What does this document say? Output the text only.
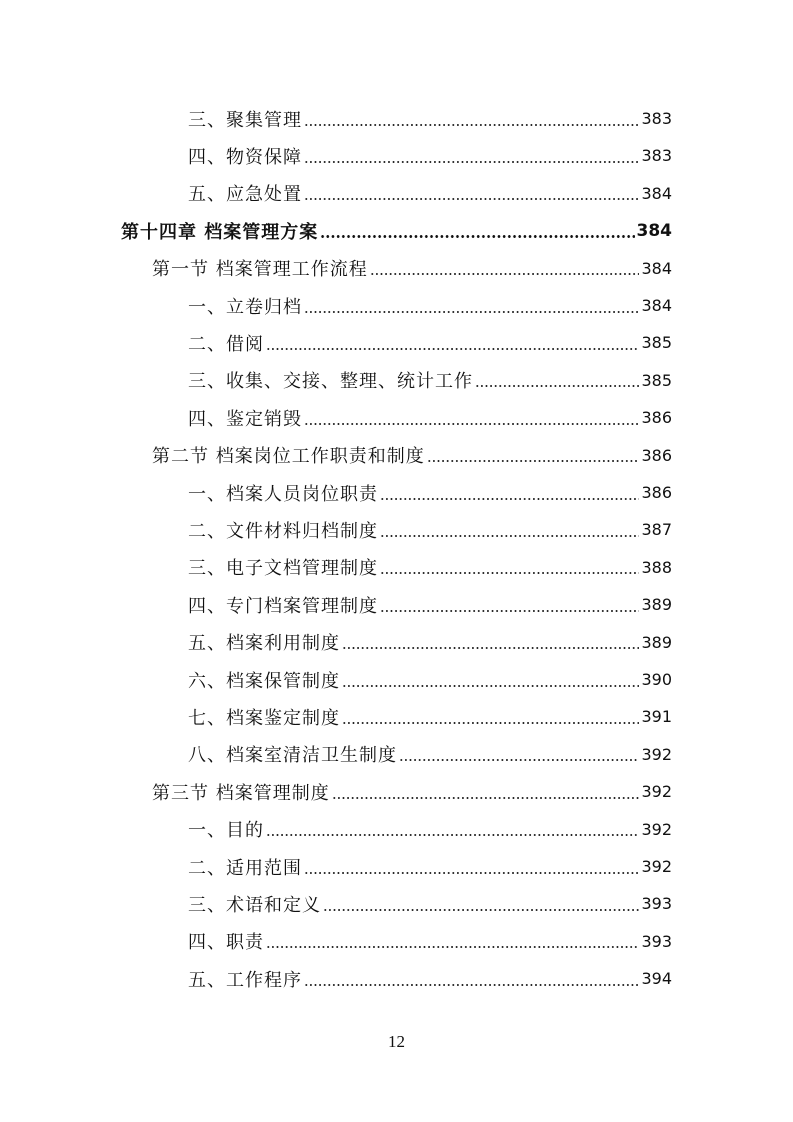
三、聚集管理	383
四、物资保障	383
五、应急处置	384
第十四章 档案管理方案	384
第一节 档案管理工作流程	384
一、立卷归档	384
二、借阅	385
三、收集、交接、整理、统计工作	385
四、鉴定销毁	386
第二节 档案岗位工作职责和制度	386
一、档案人员岗位职责	386
二、文件材料归档制度	387
三、电子文档管理制度	388
四、专门档案管理制度	389
五、档案利用制度	389
六、档案保管制度	390
七、档案鉴定制度	391
八、档案室清洁卫生制度	392
第三节 档案管理制度	392
一、目的	392
二、适用范围	392
三、术语和定义	393
四、职责	393
五、工作程序	394
12
